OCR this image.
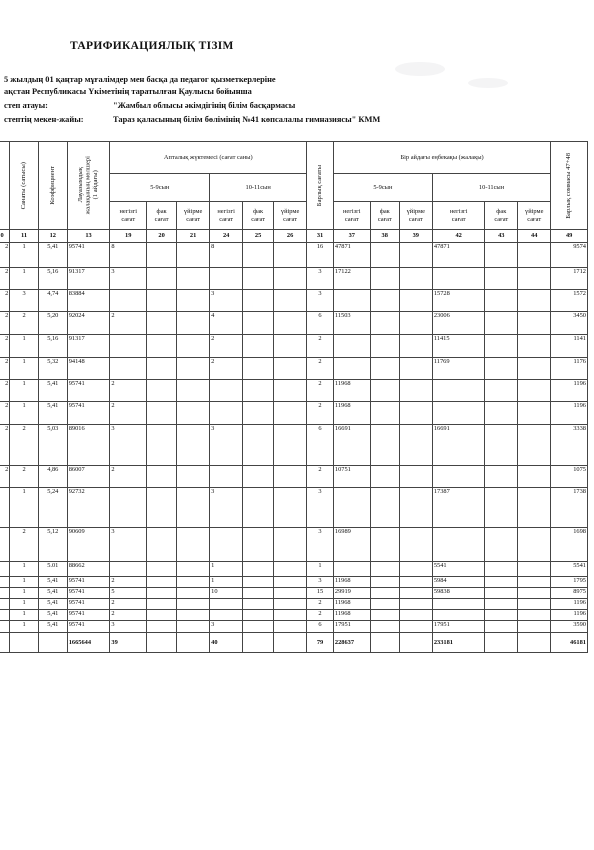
ТАРИФИКАЦИЯЛЫҚ ТІЗІМ
5 жылдың 01 қаңтар мұғалімдер мен басқа да педагог қызметкерлеріне
ақстан Республикасы Үкіметінің таратылған Қаулысы бойынша
степ атауы:	"Жамбыл облысы әкімдігінің білім басқармасы
стептің мекен-жайы:	Тараз қаласының білім бөлімінің №41 көпсалалы гимназиясы" КММ

	Санаты (сатысы)	Коэффициент	Лауазымдық
жалақының мөлшері
(1 айдағы)	Апталық жүктемесі (сағат саны)						Барлық сағаты	Бір айдағы еңбекақы (жалақы)						Барлық соммасы 47+48

				5-9сын			10-11сын				5-9сын			10-11сын			
				негізгі
сағат	фак
сағат	үйірме
сағат	негізгі
сағат	фак
сағат	үйірме
сағат		негізгі
сағат	фак
сағат	үйірме
сағат	негізгі
сағат	фак
сағат	үйірме
сағат	
0	11	12	13	19	20	21	24	25	26	31	37	38	39	42	43	44	49
2	1	5,41	95741	8			8			16	47871			47871			9574
2	1	5,16	91317	3						3	17122						1712
2	3	4,74	83884				3			3				15728			1572
2	2	5,20	92024	2			4			6	11503			23006			3450
2	1	5,16	91317				2			2				11415			1141
2	1	5,32	94148				2			2				11769			1176
2	1	5,41	95741	2						2	11968						1196
2	1	5,41	95741	2						2	11968						1196
2	2	5,03	89016	3			3			6	16691			16691			3338
2	2	4,86	86007	2						2	10751						1075
	1	5,24	92732				3			3				17387			1738
	2	5,12	90609	3						3	16989						1698
	1	5.01	88662				1			1				5541			5541
	1	5,41	95741	2			1			3	11968			5984			1795
	1	5,41	95741	5			10			15	29919			59838			8975
	1	5,41	95741	2						2	11968						1196
	1	5,41	95741	2						2	11968						1196
	1	5,41	95741	3			3			6	17951			17951			3590
			1665644	39			40			79	228637			233181			46181
